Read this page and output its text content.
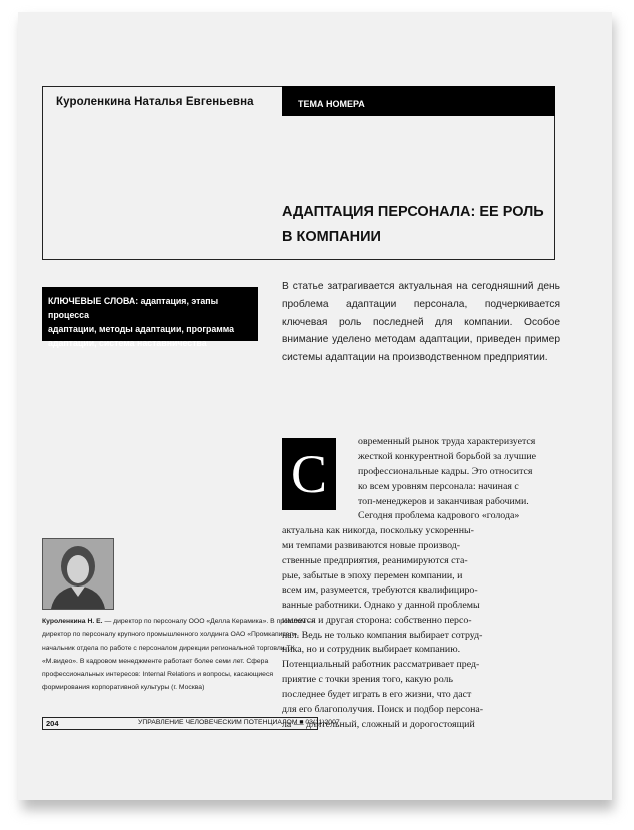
Куроленкина Наталья Евгеньевна	ТЕМА НОМЕРА
АДАПТАЦИЯ ПЕРСОНАЛА: ЕЕ РОЛЬ
В КОМПАНИИ
КЛЮЧЕВЫЕ СЛОВА: адаптация, этапы процесса
адаптации, методы адаптации, программа
адаптации, система наставничества
В статье затрагивается актуальная на сегодняшний день проблема адаптации персонала, подчеркивается ключевая роль последней для компании. Особое внимание уделено методам адаптации, приведен пример системы адаптации на производственном предприятии.
С
овременный рынок труда характеризуется
жесткой конкурентной борьбой за лучшие
профессиональные кадры. Это относится
ко всем уровням персонала: начиная с
топ-менеджеров и заканчивая рабочими.
Сегодня проблема кадрового «голода»
актуальна как никогда, поскольку ускоренны-
ми темпами развиваются новые производ-
ственные предприятия, реанимируются ста-
рые, забытые в эпоху перемен компании, и
всем им, разумеется, требуются квалифициро-
ванные работники. Однако у данной проблемы
имеется и другая сторона: собственно персо-
нал. Ведь не только компания выбирает сотруд-
ника, но и сотрудник выбирает компанию.
Потенциальный работник рассматривает пред-
приятие с точки зрения того, какую роль
последнее будет играть в его жизни, что даст
для его благополучия. Поиск и подбор персона-
ла — длительный, сложный и дорогостоящий
Куроленкина Н. Е. — директор по персоналу ООО «Делла Керамика». В прошлом — директор по персоналу крупного промышленного холдинга ОАО «Промкапитал», начальник отдела по работе с персоналом дирекции региональной торговли ТК «М.видео». В кадровом менеджменте работает более семи лет. Сфера профессиональных интересов: Internal Relations и вопросы, касающиеся формирования корпоративной культуры (г. Москва)
204	УПРАВЛЕНИЕ ЧЕЛОВЕЧЕСКИМ ПОТЕНЦИАЛОМ ■ 03(11)2007
